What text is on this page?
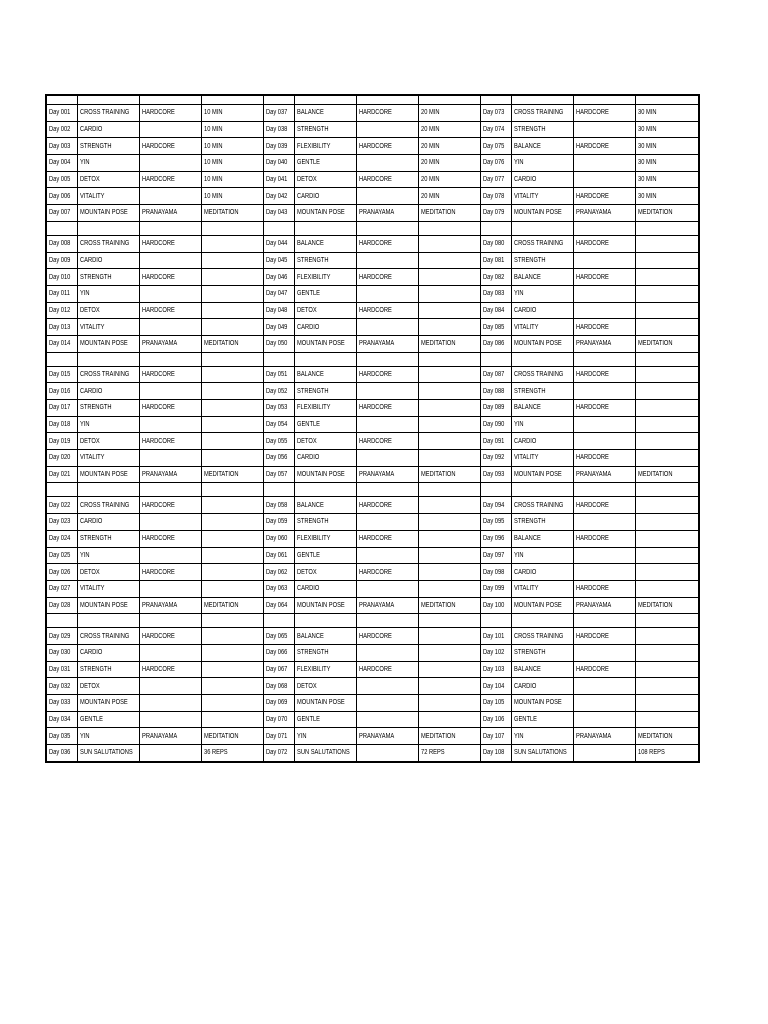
Day 001	CROSS TRAINING	HARDCORE	10 MIN	Day 037	BALANCE	HARDCORE	20 MIN	Day 073	CROSS TRAINING	HARDCORE	30 MIN
Day 002	CARDIO		10 MIN	Day 038	STRENGTH		20 MIN	Day 074	STRENGTH		30 MIN
Day 003	STRENGTH	HARDCORE	10 MIN	Day 039	FLEXIBILITY	HARDCORE	20 MIN	Day 075	BALANCE	HARDCORE	30 MIN
Day 004	YIN		10 MIN	Day 040	GENTLE		20 MIN	Day 076	YIN		30 MIN
Day 005	DETOX	HARDCORE	10 MIN	Day 041	DETOX	HARDCORE	20 MIN	Day 077	CARDIO		30 MIN
Day 006	VITALITY		10 MIN	Day 042	CARDIO		20 MIN	Day 078	VITALITY	HARDCORE	30 MIN
Day 007	MOUNTAIN POSE	PRANAYAMA	MEDITATION	Day 043	MOUNTAIN POSE	PRANAYAMA	MEDITATION	Day 079	MOUNTAIN POSE	PRANAYAMA	MEDITATION

Day 008	CROSS TRAINING	HARDCORE		Day 044	BALANCE	HARDCORE		Day 080	CROSS TRAINING	HARDCORE	
Day 009	CARDIO			Day 045	STRENGTH			Day 081	STRENGTH		
Day 010	STRENGTH	HARDCORE		Day 046	FLEXIBILITY	HARDCORE		Day 082	BALANCE	HARDCORE	
Day 011	YIN			Day 047	GENTLE			Day 083	YIN		
Day 012	DETOX	HARDCORE		Day 048	DETOX	HARDCORE		Day 084	CARDIO		
Day 013	VITALITY			Day 049	CARDIO			Day 085	VITALITY	HARDCORE	
Day 014	MOUNTAIN POSE	PRANAYAMA	MEDITATION	Day 050	MOUNTAIN POSE	PRANAYAMA	MEDITATION	Day 086	MOUNTAIN POSE	PRANAYAMA	MEDITATION

Day 015	CROSS TRAINING	HARDCORE		Day 051	BALANCE	HARDCORE		Day 087	CROSS TRAINING	HARDCORE	
Day 016	CARDIO			Day 052	STRENGTH			Day 088	STRENGTH		
Day 017	STRENGTH	HARDCORE		Day 053	FLEXIBILITY	HARDCORE		Day 089	BALANCE	HARDCORE	
Day 018	YIN			Day 054	GENTLE			Day 090	YIN		
Day 019	DETOX	HARDCORE		Day 055	DETOX	HARDCORE		Day 091	CARDIO		
Day 020	VITALITY			Day 056	CARDIO			Day 092	VITALITY	HARDCORE	
Day 021	MOUNTAIN POSE	PRANAYAMA	MEDITATION	Day 057	MOUNTAIN POSE	PRANAYAMA	MEDITATION	Day 093	MOUNTAIN POSE	PRANAYAMA	MEDITATION

Day 022	CROSS TRAINING	HARDCORE		Day 058	BALANCE	HARDCORE		Day 094	CROSS TRAINING	HARDCORE	
Day 023	CARDIO			Day 059	STRENGTH			Day 095	STRENGTH		
Day 024	STRENGTH	HARDCORE		Day 060	FLEXIBILITY	HARDCORE		Day 096	BALANCE	HARDCORE	
Day 025	YIN			Day 061	GENTLE			Day 097	YIN		
Day 026	DETOX	HARDCORE		Day 062	DETOX	HARDCORE		Day 098	CARDIO		
Day 027	VITALITY			Day 063	CARDIO			Day 099	VITALITY	HARDCORE	
Day 028	MOUNTAIN POSE	PRANAYAMA	MEDITATION	Day 064	MOUNTAIN POSE	PRANAYAMA	MEDITATION	Day 100	MOUNTAIN POSE	PRANAYAMA	MEDITATION

Day 029	CROSS TRAINING	HARDCORE		Day 065	BALANCE	HARDCORE		Day 101	CROSS TRAINING	HARDCORE	
Day 030	CARDIO			Day 066	STRENGTH			Day 102	STRENGTH		
Day 031	STRENGTH	HARDCORE		Day 067	FLEXIBILITY	HARDCORE		Day 103	BALANCE	HARDCORE	
Day 032	DETOX			Day 068	DETOX			Day 104	CARDIO		
Day 033	MOUNTAIN POSE			Day 069	MOUNTAIN POSE			Day 105	MOUNTAIN POSE		
Day 034	GENTLE			Day 070	GENTLE			Day 106	GENTLE		
Day 035	YIN	PRANAYAMA	MEDITATION	Day 071	YIN	PRANAYAMA	MEDITATION	Day 107	YIN	PRANAYAMA	MEDITATION
Day 036	SUN SALUTATIONS		36 REPS	Day 072	SUN SALUTATIONS		72 REPS	Day 108	SUN SALUTATIONS		108 REPS
